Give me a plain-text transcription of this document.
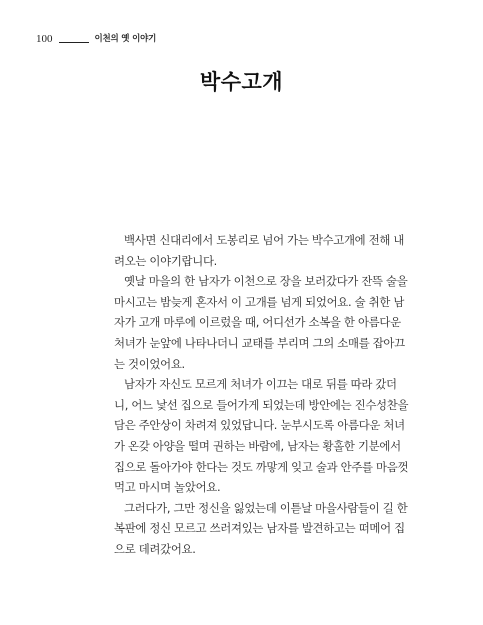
100	이천의 옛 이야기
박수고개
백사면 신대리에서 도봉리로 넘어 가는 박수고개에 전해 내
려오는 이야기랍니다.
옛날 마을의 한 남자가 이천으로 장을 보러갔다가 잔뜩 술을
마시고는 밤늦게 혼자서 이 고개를 넘게 되었어요. 술 취한 남
자가 고개 마루에 이르렀을 때, 어디선가 소복을 한 아름다운
처녀가 눈앞에 나타나더니 교태를 부리며 그의 소매를 잡아끄
는 것이었어요.
남자가 자신도 모르게 처녀가 이끄는 대로 뒤를 따라 갔더
니, 어느 낯선 집으로 들어가게 되었는데 방안에는 진수성찬을
담은 주안상이 차려져 있었답니다. 눈부시도록 아름다운 처녀
가 온갖 아양을 떨며 권하는 바람에, 남자는 황홀한 기분에서
집으로 돌아가야 한다는 것도 까맣게 잊고 술과 안주를 마음껏
먹고 마시며 놀았어요.
그러다가, 그만 정신을 잃었는데 이튿날 마을사람들이 길 한
복판에 정신 모르고 쓰러져있는 남자를 발견하고는 떠메어 집
으로 데려갔어요.
